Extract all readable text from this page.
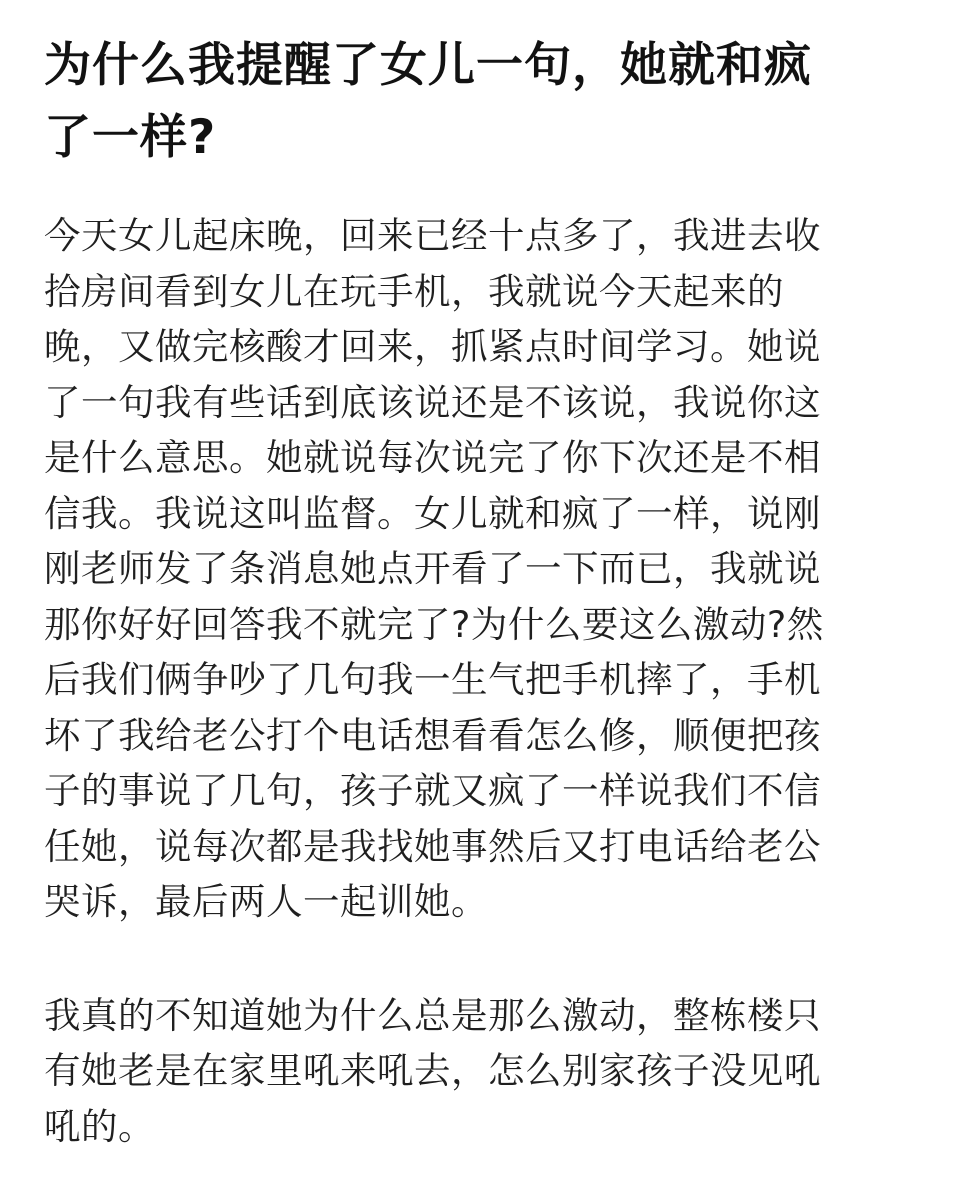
为什么我提醒了女儿一句，她就和疯
了一样?

今天女儿起床晚，回来已经十点多了，我进去收
拾房间看到女儿在玩手机，我就说今天起来的
晚，又做完核酸才回来，抓紧点时间学习。她说
了一句我有些话到底该说还是不该说，我说你这
是什么意思。她就说每次说完了你下次还是不相
信我。我说这叫监督。女儿就和疯了一样，说刚
刚老师发了条消息她点开看了一下而已，我就说
那你好好回答我不就完了?为什么要这么激动?然
后我们俩争吵了几句我一生气把手机摔了，手机
坏了我给老公打个电话想看看怎么修，顺便把孩
子的事说了几句，孩子就又疯了一样说我们不信
任她，说每次都是我找她事然后又打电话给老公
哭诉，最后两人一起训她。

我真的不知道她为什么总是那么激动，整栋楼只
有她老是在家里吼来吼去，怎么别家孩子没见吼
吼的。
